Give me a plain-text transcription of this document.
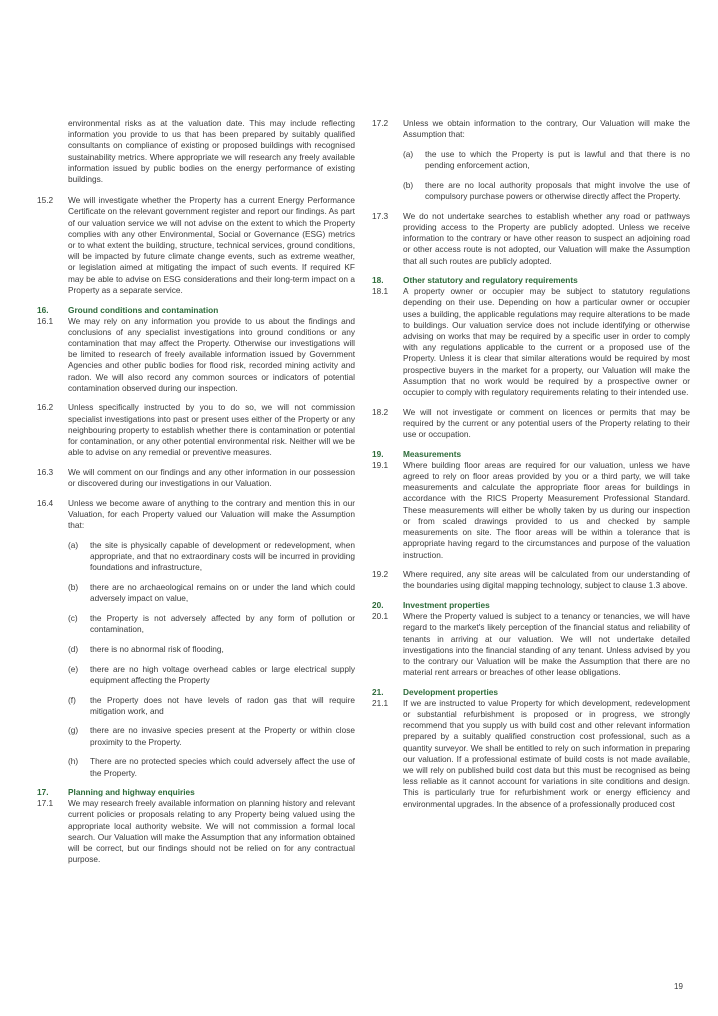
environmental risks as at the valuation date. This may include reflecting information you provide to us that has been prepared by suitably qualified consultants on compliance of existing or proposed buildings with recognised sustainability metrics. Where appropriate we will research any freely available information issued by public bodies on the energy performance of existing buildings.
15.2 We will investigate whether the Property has a current Energy Performance Certificate on the relevant government register and report our findings. As part of our valuation service we will not advise on the extent to which the Property complies with any other Environmental, Social or Governance (ESG) metrics or to what extent the building, structure, technical services, ground conditions, will be impacted by future climate change events, such as extreme weather, or legislation aimed at mitigating the impact of such events. If required KF may be able to advise on ESG considerations and their long-term impact on a Property as a separate service.
16. Ground conditions and contamination
16.1 We may rely on any information you provide to us about the findings and conclusions of any specialist investigations into ground conditions or any contamination that may affect the Property. Otherwise our investigations will be limited to research of freely available information issued by Government Agencies and other public bodies for flood risk, recorded mining activity and radon. We will also record any common sources or indicators of potential contamination observed during our inspection.
16.2 Unless specifically instructed by you to do so, we will not commission specialist investigations into past or present uses either of the Property or any neighbouring property to establish whether there is contamination or potential for contamination, or any other potential environmental risk. Neither will we be able to advise on any remedial or preventive measures.
16.3 We will comment on our findings and any other information in our possession or discovered during our investigations in our Valuation.
16.4 Unless we become aware of anything to the contrary and mention this in our Valuation, for each Property valued our Valuation will make the Assumption that:
(a) the site is physically capable of development or redevelopment, when appropriate, and that no extraordinary costs will be incurred in providing foundations and infrastructure,
(b) there are no archaeological remains on or under the land which could adversely impact on value,
(c) the Property is not adversely affected by any form of pollution or contamination,
(d) there is no abnormal risk of flooding,
(e) there are no high voltage overhead cables or large electrical supply equipment affecting the Property
(f) the Property does not have levels of radon gas that will require mitigation work, and
(g) there are no invasive species present at the Property or within close proximity to the Property.
(h) There are no protected species which could adversely affect the use of the Property.
17. Planning and highway enquiries
17.1 We may research freely available information on planning history and relevant current policies or proposals relating to any Property being valued using the appropriate local authority website. We will not commission a formal local search. Our Valuation will make the Assumption that any information obtained will be correct, but our findings should not be relied on for any contractual purpose.
17.2 Unless we obtain information to the contrary, Our Valuation will make the Assumption that:
(a) the use to which the Property is put is lawful and that there is no pending enforcement action,
(b) there are no local authority proposals that might involve the use of compulsory purchase powers or otherwise directly affect the Property.
17.3 We do not undertake searches to establish whether any road or pathways providing access to the Property are publicly adopted. Unless we receive information to the contrary or have other reason to suspect an adjoining road or other access route is not adopted, our Valuation will make the Assumption that all such routes are publicly adopted.
18. Other statutory and regulatory requirements
18.1 A property owner or occupier may be subject to statutory regulations depending on their use. Depending on how a particular owner or occupier uses a building, the applicable regulations may require alterations to be made to buildings. Our valuation service does not include identifying or otherwise advising on works that may be required by a specific user in order to comply with any regulations applicable to the current or a proposed use of the Property. Unless it is clear that similar alterations would be required by most prospective buyers in the market for a property, our Valuation will make the Assumption that no work would be required by a prospective owner or occupier to comply with regulatory requirements relating to their intended use.
18.2 We will not investigate or comment on licences or permits that may be required by the current or any potential users of the Property relating to their use or occupation.
19. Measurements
19.1 Where building floor areas are required for our valuation, unless we have agreed to rely on floor areas provided by you or a third party, we will take measurements and calculate the appropriate floor areas for buildings in accordance with the RICS Property Measurement Professional Standard. These measurements will either be wholly taken by us during our inspection or from scaled drawings provided to us and checked by sample measurements on site. The floor areas will be within a tolerance that is appropriate having regard to the circumstances and purpose of the valuation instruction.
19.2 Where required, any site areas will be calculated from our understanding of the boundaries using digital mapping technology, subject to clause 1.3 above.
20. Investment properties
20.1 Where the Property valued is subject to a tenancy or tenancies, we will have regard to the market's likely perception of the financial status and reliability of tenants in arriving at our valuation. We will not undertake detailed investigations into the financial standing of any tenant. Unless advised by you to the contrary our Valuation will be make the Assumption that there are no material rent arrears or breaches of other lease obligations.
21. Development properties
21.1 If we are instructed to value Property for which development, redevelopment or substantial refurbishment is proposed or in progress, we strongly recommend that you supply us with build cost and other relevant information prepared by a suitably qualified construction cost professional, such as a quantity surveyor. We shall be entitled to rely on such information in preparing our valuation. If a professional estimate of build costs is not made available, we will rely on published build cost data but this must be recognised as being less reliable as it cannot account for variations in site conditions and design. This is particularly true for refurbishment work or energy efficiency and environmental upgrades. In the absence of a professionally produced cost
19
